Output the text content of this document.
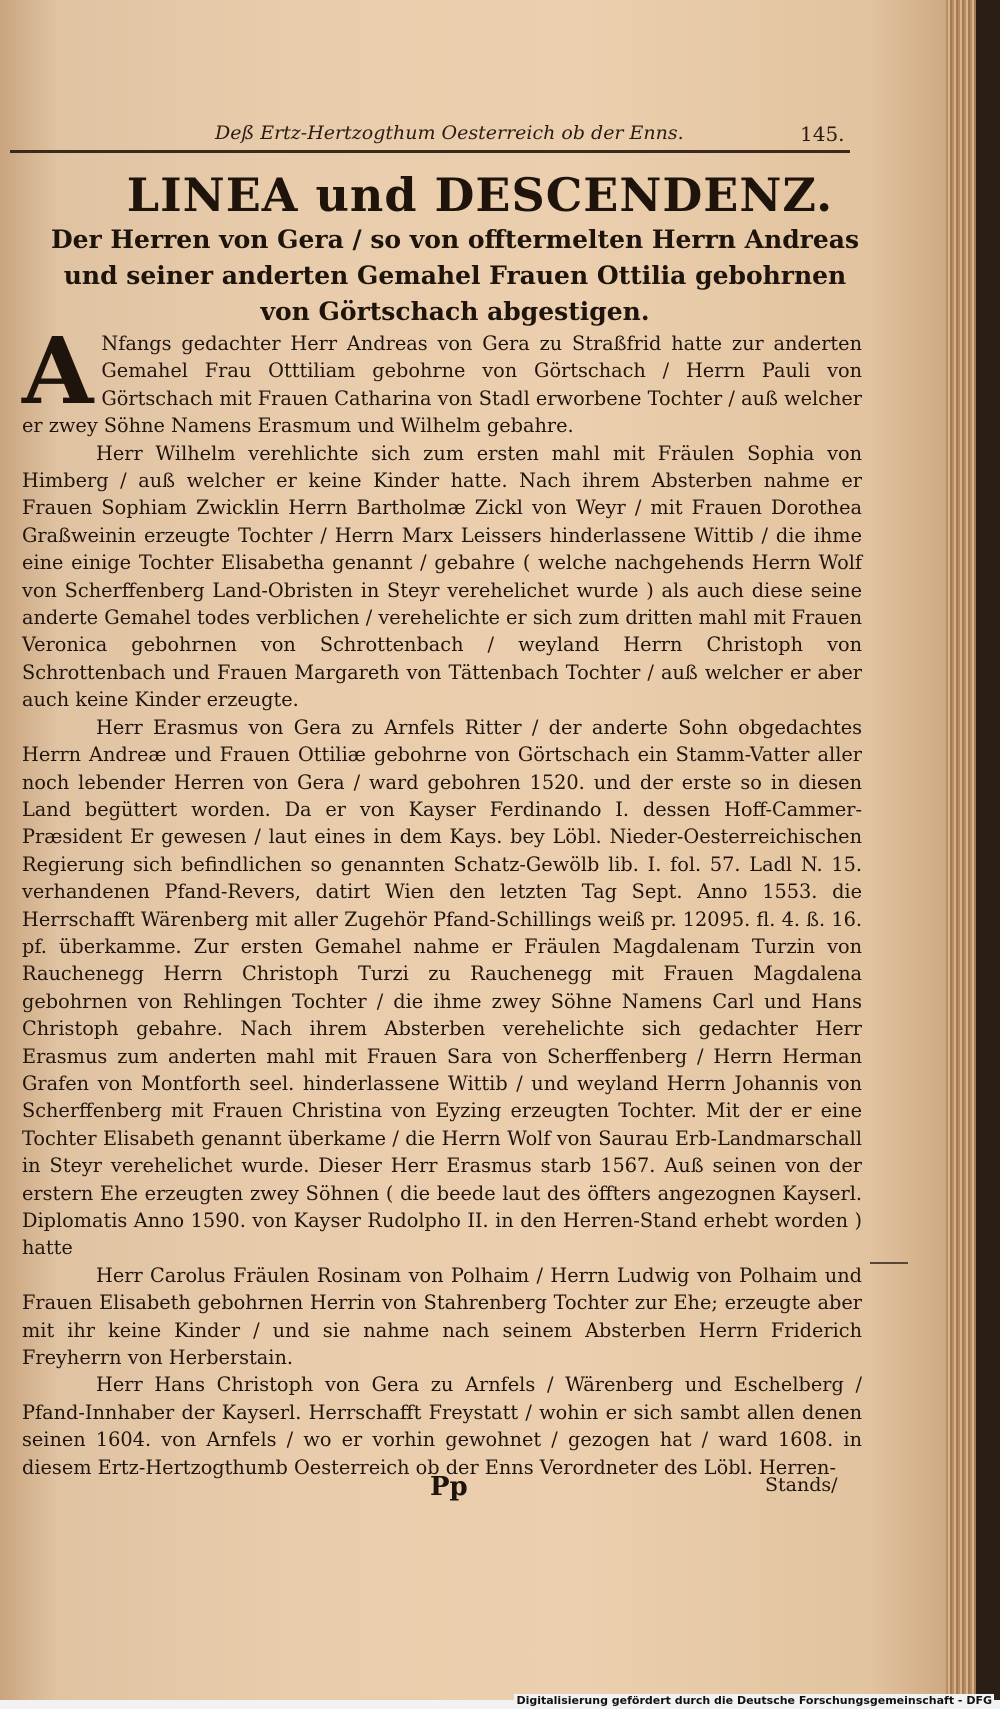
Deß Ertz-Hertzogthum Oesterreich ob der Enns.	145.
LINEA und DESCENDENZ.
Der Herren von Gera / so von offtermelten Herrn Andreas und seiner anderten Gemahel Frauen Ottilia gebohrnen von Görtschach abgestigen.

A Nfangs gedachter Herr Andreas von Gera zu Straßfrid hatte zur anderten Gemahel Frau Otttiliam gebohrne von Görtschach / Herrn Pauli von Görtschach mit Frauen Catharina von Stadl erworbene Tochter / auß welcher er zwey Söhne Namens Erasmum und Wilhelm gebahre.

Herr Wilhelm verehlichte sich zum ersten mahl mit Fräulen Sophia von Himberg / auß welcher er keine Kinder hatte. Nach ihrem Absterben nahme er Frauen Sophiam Zwicklin Herrn Bartholmæ Zickl von Weyr / mit Frauen Dorothea Graßweinin erzeugte Tochter / Herrn Marx Leissers hinderlassene Wittib / die ihme eine einige Tochter Elisabetha genannt / gebahre ( welche nachgehends Herrn Wolf von Scherffenberg Land-Obristen in Steyr verehelichet wurde ) als auch diese seine anderte Gemahel todes verblichen / verehelichte er sich zum dritten mahl mit Frauen Veronica gebohrnen von Schrottenbach / weyland Herrn Christoph von Schrottenbach und Frauen Margareth von Tättenbach Tochter / auß welcher er aber auch keine Kinder erzeugte.

Herr Erasmus von Gera zu Arnfels Ritter / der anderte Sohn obgedachtes Herrn Andreæ und Frauen Ottiliæ gebohrne von Görtschach ein Stamm-Vatter aller noch lebender Herren von Gera / ward gebohren 1520. und der erste so in diesen Land begüttert worden. Da er von Kayser Ferdinando I. dessen Hoff-Cammer-Præsident Er gewesen / laut eines in dem Kays. bey Löbl. Nieder-Oesterreichischen Regierung sich befindlichen so genannten Schatz-Gewölb lib. I. fol. 57. Ladl N. 15. verhandenen Pfand-Revers, datirt Wien den letzten Tag Sept. Anno 1553. die Herrschafft Wärenberg mit aller Zugehör Pfand-Schillings weiß pr. 12095. fl. 4. ß. 16. pf. überkamme. Zur ersten Gemahel nahme er Fräulen Magdalenam Turzin von Rauchenegg Herrn Christoph Turzi zu Rauchenegg mit Frauen Magdalena gebohrnen von Rehlingen Tochter / die ihme zwey Söhne Namens Carl und Hans Christoph gebahre. Nach ihrem Absterben verehelichte sich gedachter Herr Erasmus zum anderten mahl mit Frauen Sara von Scherffenberg / Herrn Herman Grafen von Montforth seel. hinderlassene Wittib / und weyland Herrn Johannis von Scherffenberg mit Frauen Christina von Eyzing erzeugten Tochter. Mit der er eine Tochter Elisabeth genannt überkame / die Herrn Wolf von Saurau Erb-Landmarschall in Steyr verehelichet wurde. Dieser Herr Erasmus starb 1567. Auß seinen von der erstern Ehe erzeugten zwey Söhnen ( die beede laut des öffters angezognen Kayserl. Diplomatis Anno 1590. von Kayser Rudolpho II. in den Herren-Stand erhebt worden ) hatte

Herr Carolus Fräulen Rosinam von Polhaim / Herrn Ludwig von Polhaim und Frauen Elisabeth gebohrnen Herrin von Stahrenberg Tochter zur Ehe; erzeugte aber mit ihr keine Kinder / und sie nahme nach seinem Absterben Herrn Friderich Freyherrn von Herberstain.

Herr Hans Christoph von Gera zu Arnfels / Wärenberg und Eschelberg / Pfand-Innhaber der Kayserl. Herrschafft Freystatt / wohin er sich sambt allen denen seinen 1604. von Arnfels / wo er vorhin gewohnet / gezogen hat / ward 1608. in diesem Ertz-Hertzogthumb Oesterreich ob der Enns Verordneter des Löbl. Herren-

Pp	Stands/
Digitalisierung gefördert durch die Deutsche Forschungsgemeinschaft - DFG
